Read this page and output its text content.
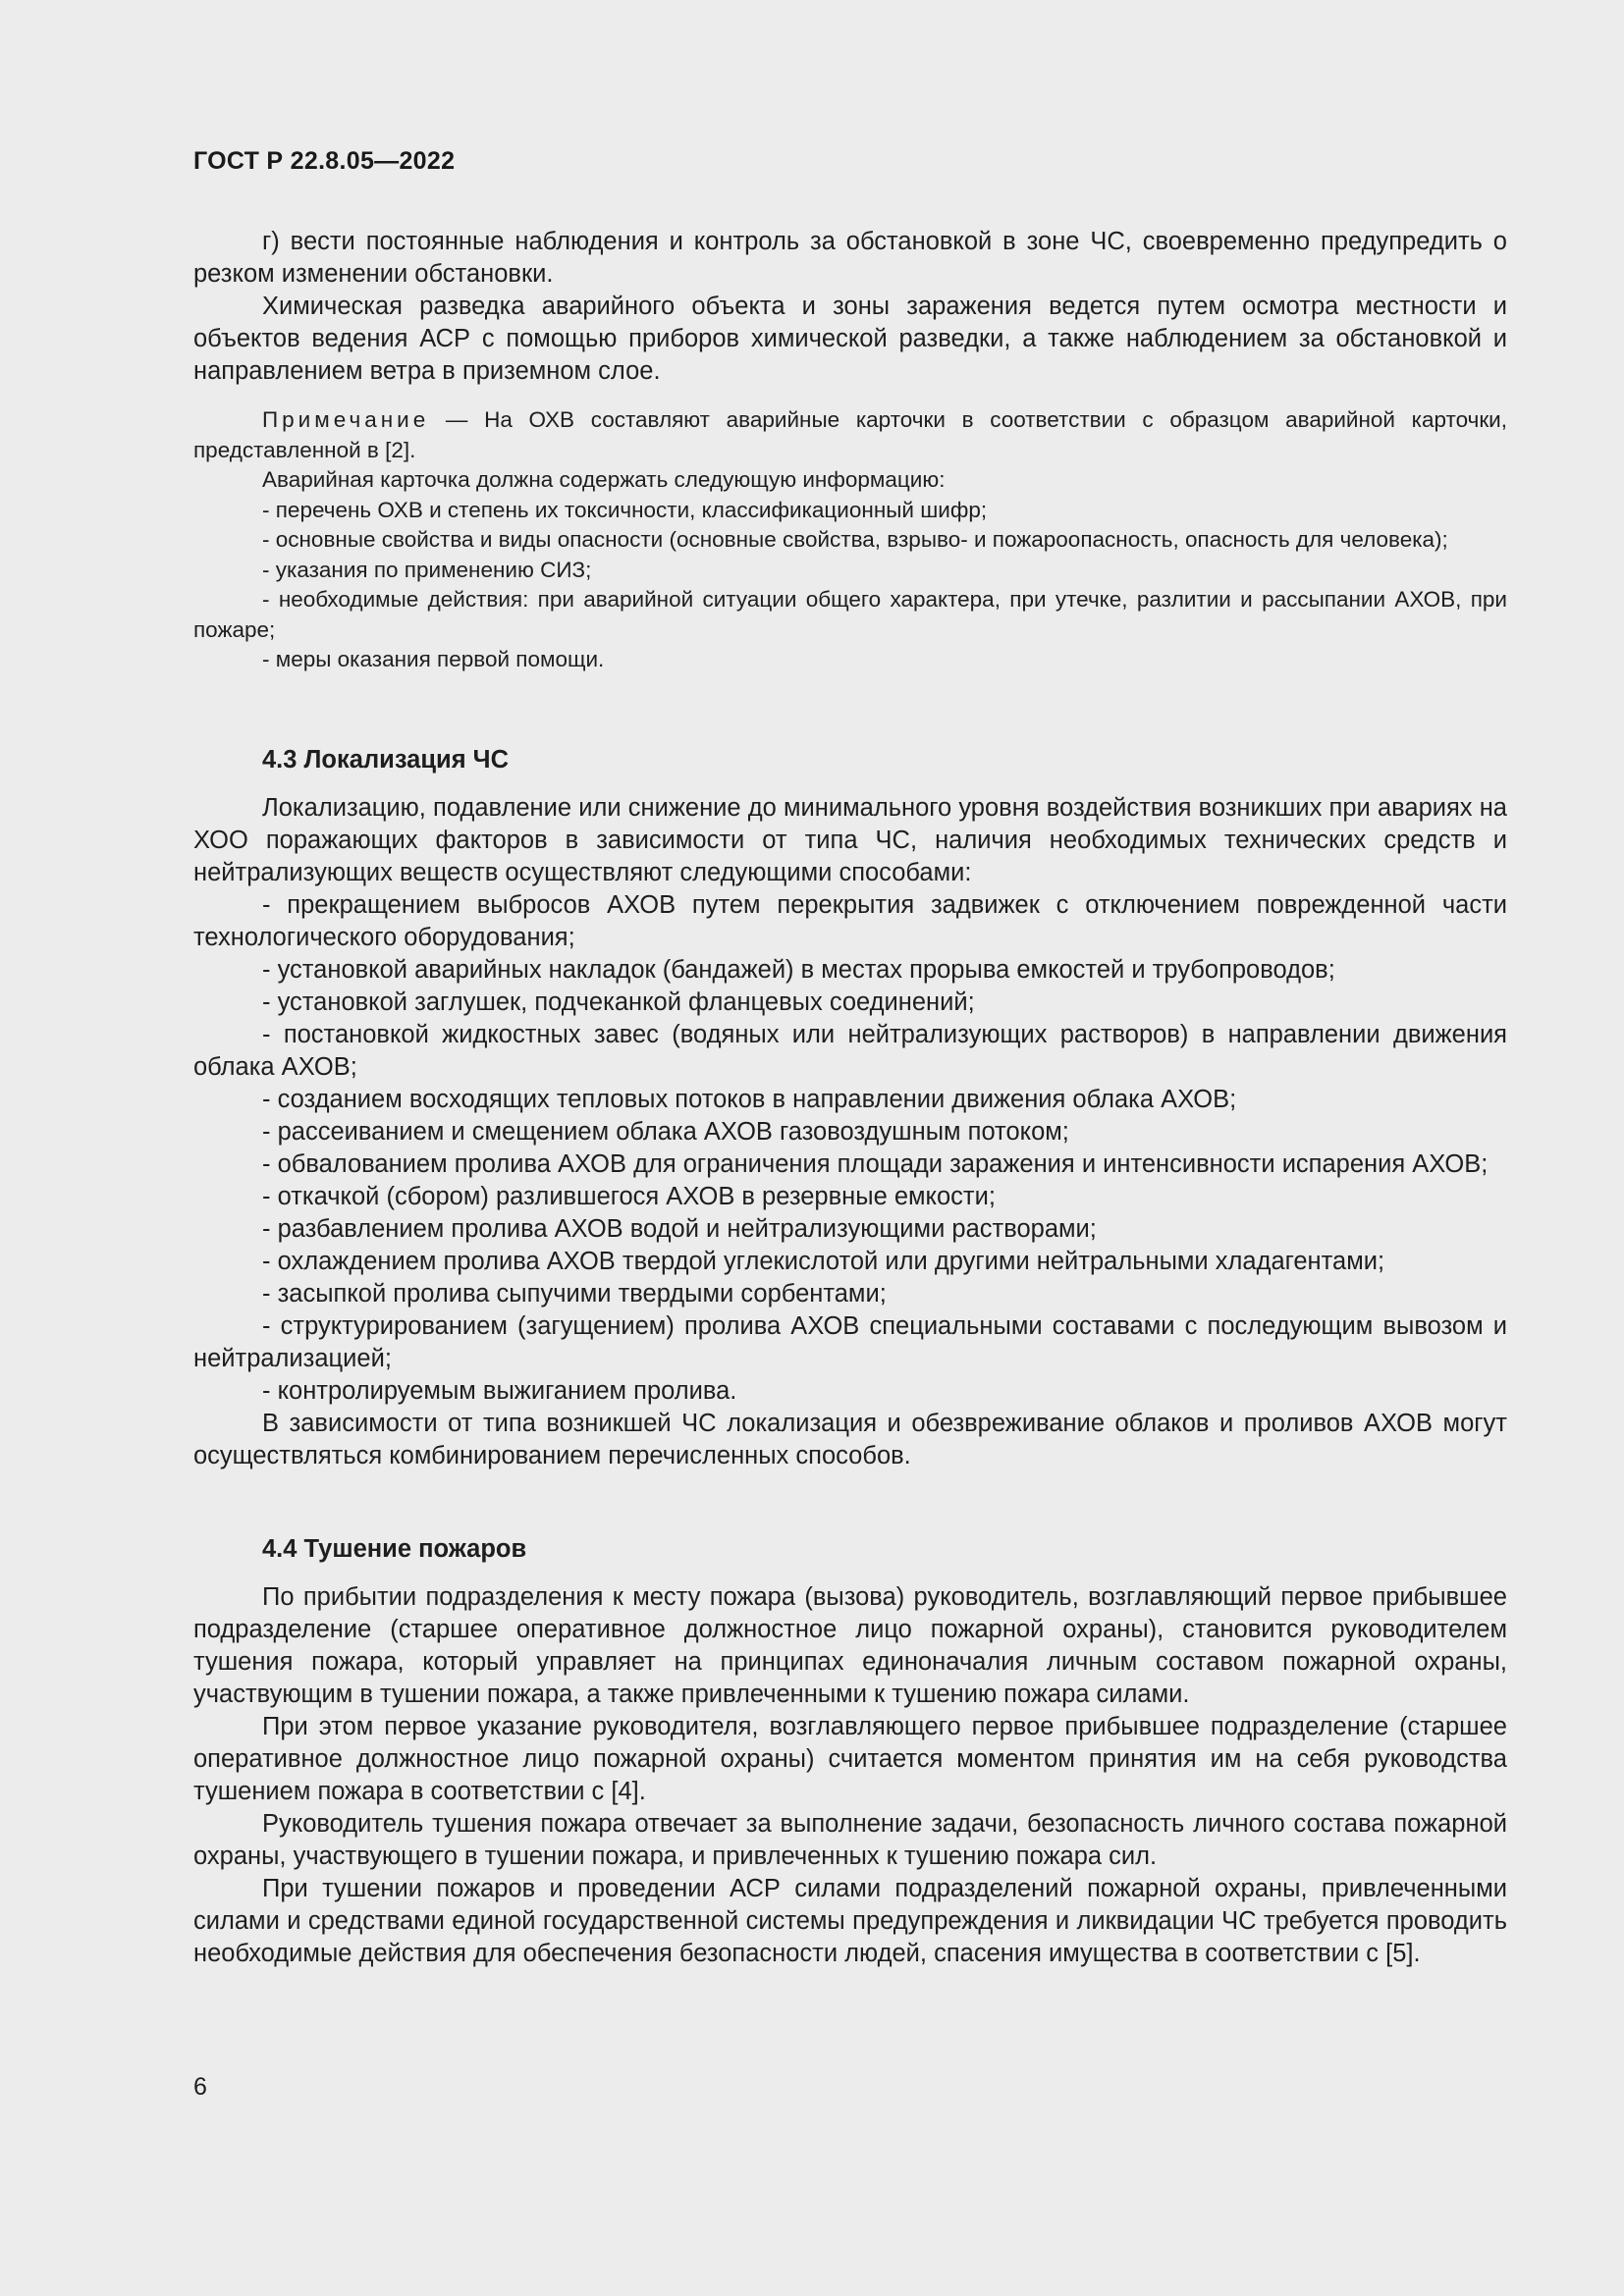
ГОСТ Р 22.8.05—2022

г) вести постоянные наблюдения и контроль за обстановкой в зоне ЧС, своевременно предупредить о резком изменении обстановки.

Химическая разведка аварийного объекта и зоны заражения ведется путем осмотра местности и объектов ведения АСР с помощью приборов химической разведки, а также наблюдением за обстановкой и направлением ветра в приземном слое.

Примечание — На ОХВ составляют аварийные карточки в соответствии с образцом аварийной карточки, представленной в [2].

Аварийная карточка должна содержать следующую информацию:

- перечень ОХВ и степень их токсичности, классификационный шифр;

- основные свойства и виды опасности (основные свойства, взрыво- и пожароопасность, опасность для человека);

- указания по применению СИЗ;

- необходимые действия: при аварийной ситуации общего характера, при утечке, разлитии и рассыпании АХОВ, при пожаре;

- меры оказания первой помощи.

4.3 Локализация ЧС

Локализацию, подавление или снижение до минимального уровня воздействия возникших при авариях на ХОО поражающих факторов в зависимости от типа ЧС, наличия необходимых технических средств и нейтрализующих веществ осуществляют следующими способами:

- прекращением выбросов АХОВ путем перекрытия задвижек с отключением поврежденной части технологического оборудования;

- установкой аварийных накладок (бандажей) в местах прорыва емкостей и трубопроводов;

- установкой заглушек, подчеканкой фланцевых соединений;

- постановкой жидкостных завес (водяных или нейтрализующих растворов) в направлении движения облака АХОВ;

- созданием восходящих тепловых потоков в направлении движения облака АХОВ;

- рассеиванием и смещением облака АХОВ газовоздушным потоком;

- обвалованием пролива АХОВ для ограничения площади заражения и интенсивности испарения АХОВ;

- откачкой (сбором) разлившегося АХОВ в резервные емкости;

- разбавлением пролива АХОВ водой и нейтрализующими растворами;

- охлаждением пролива АХОВ твердой углекислотой или другими нейтральными хладагентами;

- засыпкой пролива сыпучими твердыми сорбентами;

- структурированием (загущением) пролива АХОВ специальными составами с последующим вывозом и нейтрализацией;

- контролируемым выжиганием пролива.

В зависимости от типа возникшей ЧС локализация и обезвреживание облаков и проливов АХОВ могут осуществляться комбинированием перечисленных способов.

4.4 Тушение пожаров

По прибытии подразделения к месту пожара (вызова) руководитель, возглавляющий первое прибывшее подразделение (старшее оперативное должностное лицо пожарной охраны), становится руководителем тушения пожара, который управляет на принципах единоначалия личным составом пожарной охраны, участвующим в тушении пожара, а также привлеченными к тушению пожара силами.

При этом первое указание руководителя, возглавляющего первое прибывшее подразделение (старшее оперативное должностное лицо пожарной охраны) считается моментом принятия им на себя руководства тушением пожара в соответствии с [4].

Руководитель тушения пожара отвечает за выполнение задачи, безопасность личного состава пожарной охраны, участвующего в тушении пожара, и привлеченных к тушению пожара сил.

При тушении пожаров и проведении АСР силами подразделений пожарной охраны, привлеченными силами и средствами единой государственной системы предупреждения и ликвидации ЧС требуется проводить необходимые действия для обеспечения безопасности людей, спасения имущества в соответствии с [5].

6
